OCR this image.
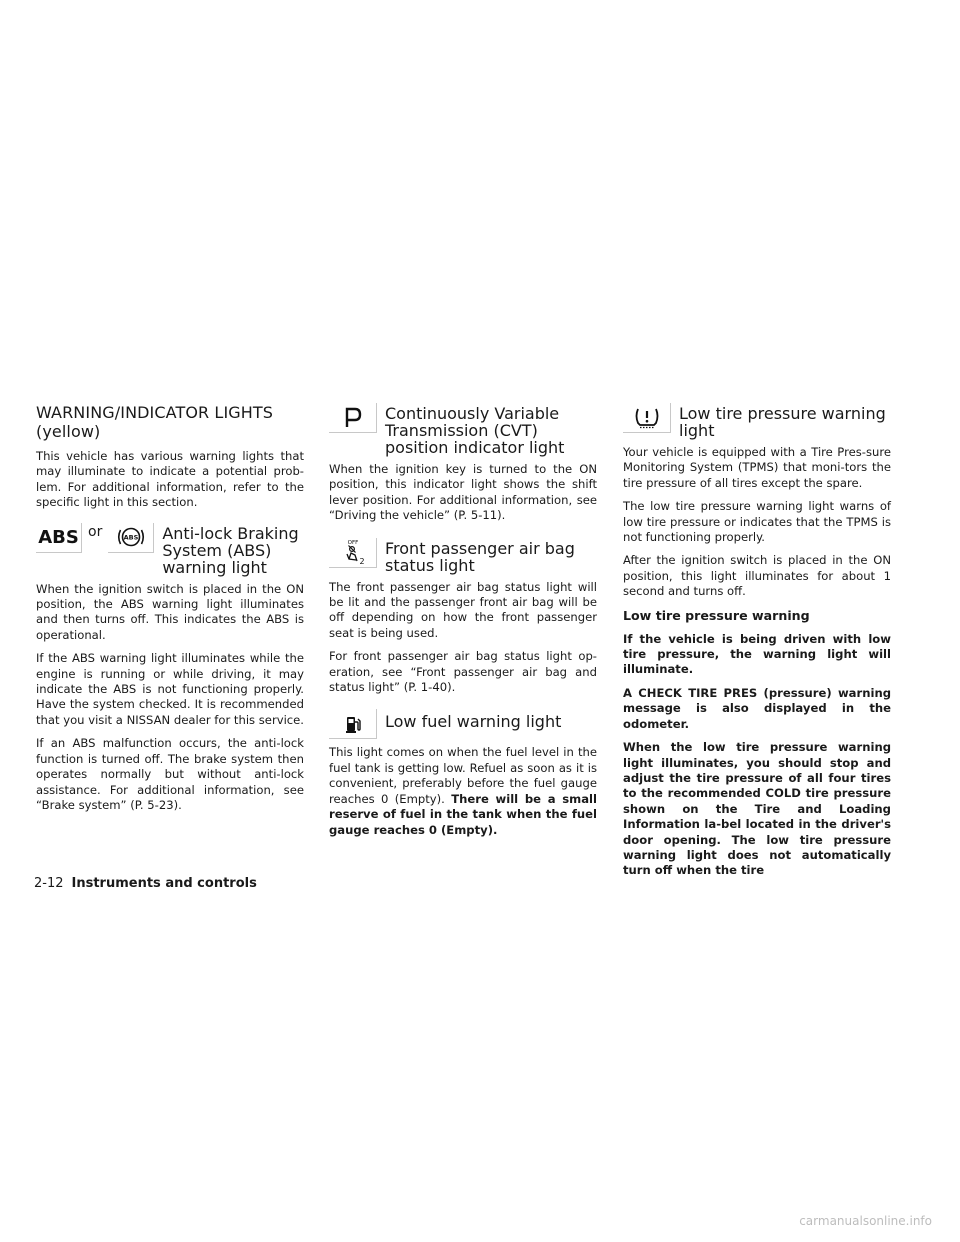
WARNING/INDICATOR LIGHTS (yellow)

This vehicle has various warning lights that may illuminate to indicate a potential prob-lem. For additional information, refer to the specific light in this section.

ABS or	ABS Anti-lock Braking System (ABS) warning light

When the ignition switch is placed in the ON position, the ABS warning light illuminates and then turns off. This indicates the ABS is operational.

If the ABS warning light illuminates while the engine is running or while driving, it may indicate the ABS is not functioning properly. Have the system checked. It is recommended that you visit a NISSAN dealer for this service.

If an ABS malfunction occurs, the anti-lock function is turned off. The brake system then operates normally but without anti-lock assistance. For additional information, see “Brake system” (P. 5-23).

Continuously Variable Transmission (CVT) position indicator light

When the ignition key is turned to the ON position, this indicator light shows the shift lever position. For additional information, see “Driving the vehicle” (P. 5-11).

OFF
2
Front passenger air bag status light

The front passenger air bag status light will be lit and the passenger front air bag will be off depending on how the front passenger seat is being used.

For front passenger air bag status light op-eration, see “Front passenger air bag and status light” (P. 1-40).

Low fuel warning light

This light comes on when the fuel level in the fuel tank is getting low. Refuel as soon as it is convenient, preferably before the fuel gauge reaches 0 (Empty). There will be a small reserve of fuel in the tank when the fuel gauge reaches 0 (Empty).

Low tire pressure warning light

Your vehicle is equipped with a Tire Pres-sure Monitoring System (TPMS) that moni-tors the tire pressure of all tires except the spare.

The low tire pressure warning light warns of low tire pressure or indicates that the TPMS is not functioning properly.

After the ignition switch is placed in the ON position, this light illuminates for about 1 second and turns off.

Low tire pressure warning

If the vehicle is being driven with low tire pressure, the warning light will illuminate.

A CHECK TIRE PRES (pressure) warning message is also displayed in the odometer.

When the low tire pressure warning light illuminates, you should stop and adjust the tire pressure of all four tires to the recommended COLD tire pressure shown on the Tire and Loading Information la-bel located in the driver's door opening. The low tire pressure warning light does not automatically turn off when the tire

2-12 Instruments and controls
carmanualsonline.info
